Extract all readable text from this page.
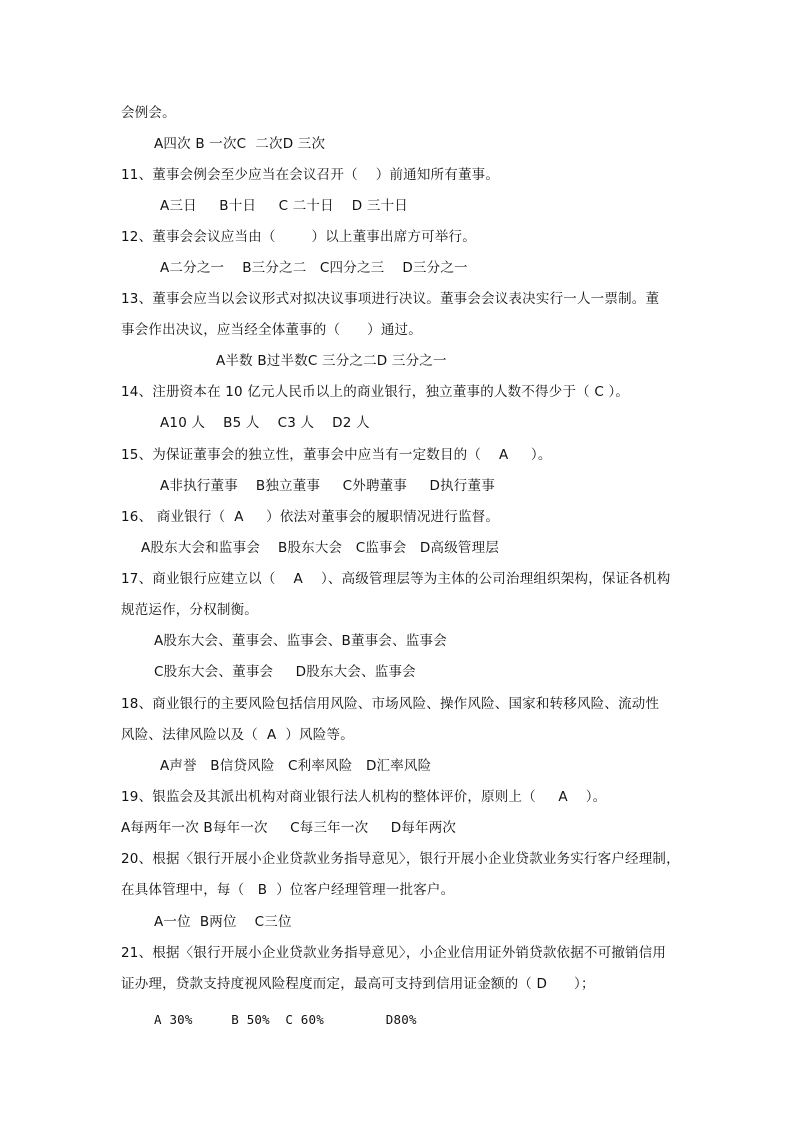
会例会。
A四次 B 一次C  二次D 三次
11、董事会例会至少应当在会议召开（    ）前通知所有董事。
A三日     B十日     C 二十日    D 三十日
12、董事会会议应当由（        ）以上董事出席方可举行。
A二分之一    B三分之二   C四分之三    D三分之一
13、董事会应当以会议形式对拟决议事项进行决议。董事会会议表决实行一人一票制。董
事会作出决议，应当经全体董事的（      ）通过。
A半数 B过半数C 三分之二D 三分之一
14、注册资本在 10 亿元人民币以上的商业银行，独立董事的人数不得少于（ C ）。
A10 人    B5 人    C3 人    D2 人
15、为保证董事会的独立性，董事会中应当有一定数目的（    A     ）。
A非执行董事    B独立董事     C外聘董事     D执行董事
16、 商业银行（  A     ）依法对董事会的履职情况进行监督。
A股东大会和监事会    B股东大会   C监事会   D高级管理层
17、商业银行应建立以（    A    ）、高级管理层等为主体的公司治理组织架构，保证各机构
规范运作，分权制衡。
A股东大会、董事会、监事会、B董事会、监事会
C股东大会、董事会     D股东大会、监事会
18、商业银行的主要风险包括信用风险、市场风险、操作风险、国家和转移风险、流动性
风险、法律风险以及（  A  ）风险等。
A声誉   B信贷风险   C利率风险   D汇率风险
19、银监会及其派出机构对商业银行法人机构的整体评价，原则上（     A    ）。
A每两年一次 B每年一次     C每三年一次     D每年两次
20、根据〈银行开展小企业贷款业务指导意见〉，银行开展小企业贷款业务实行客户经理制，
在具体管理中，每（   B  ）位客户经理管理一批客户。
A一位  B两位    C三位
21、根据〈银行开展小企业贷款业务指导意见〉，小企业信用证外销贷款依据不可撤销信用
证办理，贷款支持度视风险程度而定，最高可支持到信用证金额的（ D      ）；
A 30%     B 50%  C 60%        D80%
